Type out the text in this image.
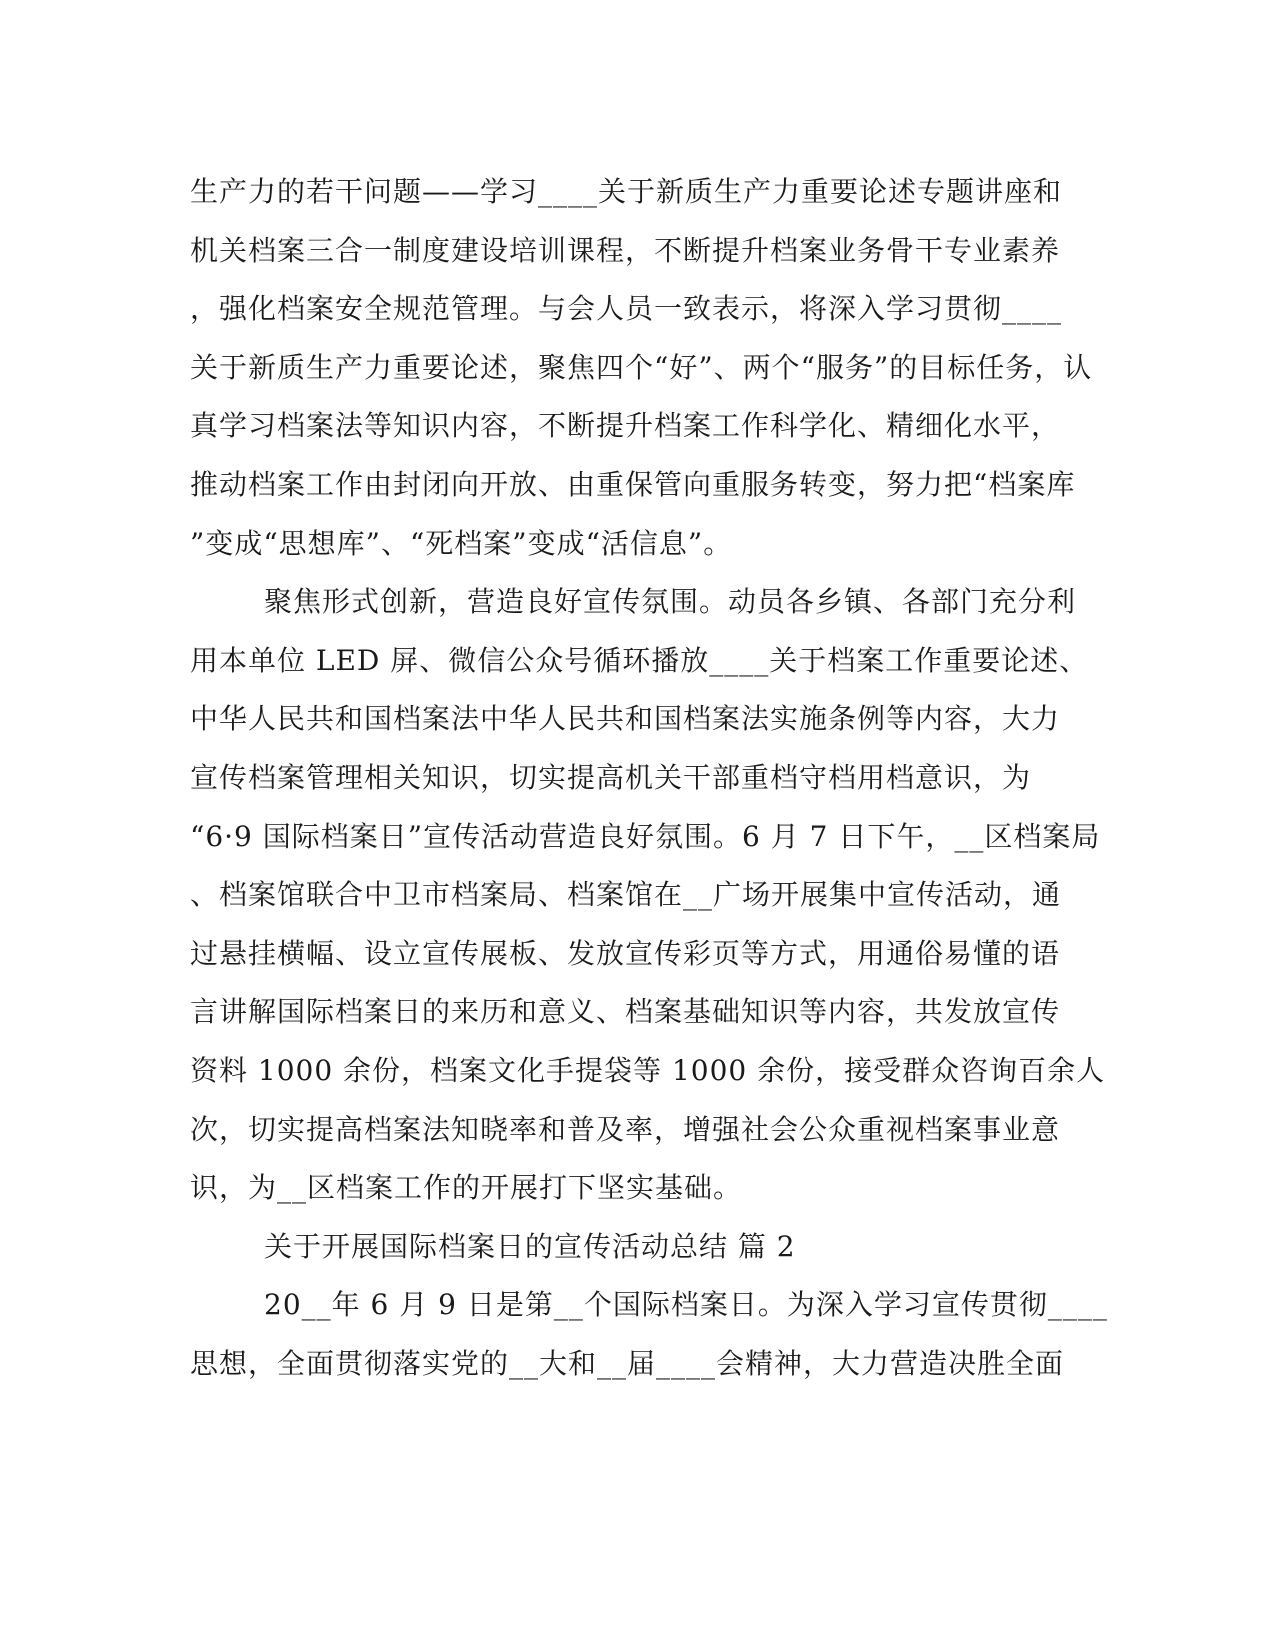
生产力的若干问题——学习____关于新质生产力重要论述专题讲座和
机关档案三合一制度建设培训课程，不断提升档案业务骨干专业素养
，强化档案安全规范管理。与会人员一致表示，将深入学习贯彻____
关于新质生产力重要论述，聚焦四个“好”、两个“服务”的目标任务，认
真学习档案法等知识内容，不断提升档案工作科学化、精细化水平，
推动档案工作由封闭向开放、由重保管向重服务转变，努力把“档案库
”变成“思想库”、“死档案”变成“活信息”。
聚焦形式创新，营造良好宣传氛围。动员各乡镇、各部门充分利
用本单位 LED 屏、微信公众号循环播放____关于档案工作重要论述、
中华人民共和国档案法中华人民共和国档案法实施条例等内容，大力
宣传档案管理相关知识，切实提高机关干部重档守档用档意识，为
“6·9 国际档案日”宣传活动营造良好氛围。6 月 7 日下午，__区档案局
、档案馆联合中卫市档案局、档案馆在__广场开展集中宣传活动，通
过悬挂横幅、设立宣传展板、发放宣传彩页等方式，用通俗易懂的语
言讲解国际档案日的来历和意义、档案基础知识等内容，共发放宣传
资料 1000 余份，档案文化手提袋等 1000 余份，接受群众咨询百余人
次，切实提高档案法知晓率和普及率，增强社会公众重视档案事业意
识，为__区档案工作的开展打下坚实基础。
关于开展国际档案日的宣传活动总结 篇 2
20__年 6 月 9 日是第__个国际档案日。为深入学习宣传贯彻____
思想，全面贯彻落实党的__大和__届____会精神，大力营造决胜全面
